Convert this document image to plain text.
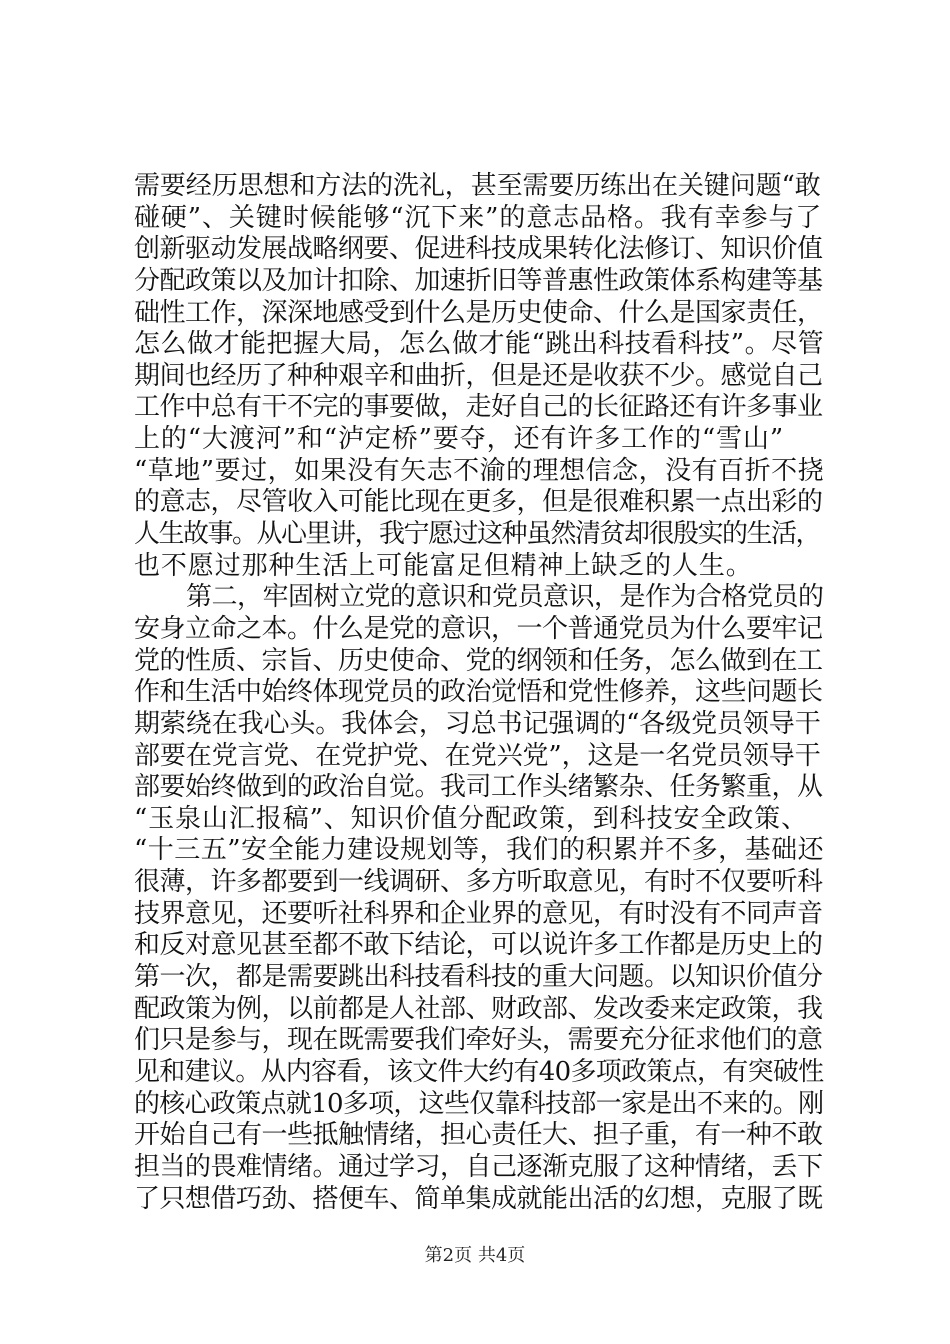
需要经历思想和方法的洗礼，甚至需要历练出在关键问题“敢
碰硬”、关键时候能够“沉下来”的意志品格。我有幸参与了
创新驱动发展战略纲要、促进科技成果转化法修订、知识价值
分配政策以及加计扣除、加速折旧等普惠性政策体系构建等基
础性工作，深深地感受到什么是历史使命、什么是国家责任，
怎么做才能把握大局，怎么做才能“跳出科技看科技”。尽管
期间也经历了种种艰辛和曲折，但是还是收获不少。感觉自己
工作中总有干不完的事要做，走好自己的长征路还有许多事业
上的“大渡河”和“泸定桥”要夺，还有许多工作的“雪山”
“草地”要过，如果没有矢志不渝的理想信念，没有百折不挠
的意志，尽管收入可能比现在更多，但是很难积累一点出彩的
人生故事。从心里讲，我宁愿过这种虽然清贫却很殷实的生活，
也不愿过那种生活上可能富足但精神上缺乏的人生。
第二，牢固树立党的意识和党员意识，是作为合格党员的
安身立命之本。什么是党的意识，一个普通党员为什么要牢记
党的性质、宗旨、历史使命、党的纲领和任务，怎么做到在工
作和生活中始终体现党员的政治觉悟和党性修养，这些问题长
期萦绕在我心头。我体会，习总书记强调的“各级党员领导干
部要在党言党、在党护党、在党兴党”，这是一名党员领导干
部要始终做到的政治自觉。我司工作头绪繁杂、任务繁重，从
“玉泉山汇报稿”、知识价值分配政策，到科技安全政策、
“十三五”安全能力建设规划等，我们的积累并不多，基础还
很薄，许多都要到一线调研、多方听取意见，有时不仅要听科
技界意见，还要听社科界和企业界的意见，有时没有不同声音
和反对意见甚至都不敢下结论，可以说许多工作都是历史上的
第一次，都是需要跳出科技看科技的重大问题。以知识价值分
配政策为例，以前都是人社部、财政部、发改委来定政策，我
们只是参与，现在既需要我们牵好头，需要充分征求他们的意
见和建议。从内容看，该文件大约有40多项政策点，有突破性
的核心政策点就10多项，这些仅靠科技部一家是出不来的。刚
开始自己有一些抵触情绪，担心责任大、担子重，有一种不敢
担当的畏难情绪。通过学习，自己逐渐克服了这种情绪，丢下
了只想借巧劲、搭便车、简单集成就能出活的幻想，克服了既
第2页 共4页
